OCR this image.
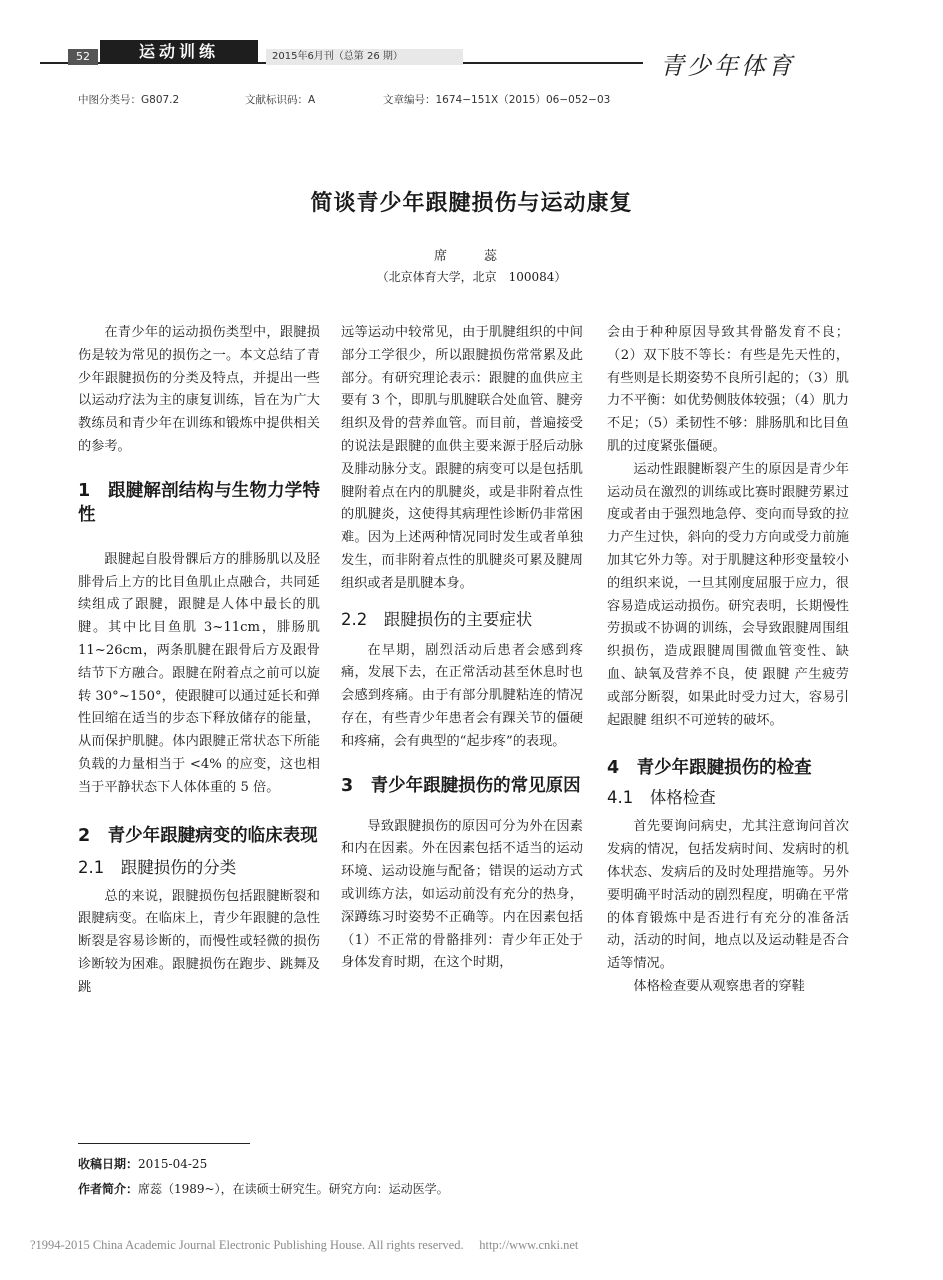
52	运动训练	2015年6月刊（总第 26 期）	青少年体育
中图分类号：G807.2	文献标识码：A	文章编号：1674−151X（2015）06−052−03
简谈青少年跟腱损伤与运动康复
席　蕊
（北京体育大学，北京　100084）

在青少年的运动损伤类型中，跟腱损伤是较为常见的损伤之一。本文总结了青少年跟腱损伤的分类及特点，并提出一些以运动疗法为主的康复训练，旨在为广大教练员和青少年在训练和锻炼中提供相关的参考。

1　跟腱解剖结构与生物力学特性

跟腱起自股骨髁后方的腓肠肌以及胫腓骨后上方的比目鱼肌止点融合，共同延续组成了跟腱，跟腱是人体中最长的肌腱。其中比目鱼肌 3~11cm，腓肠肌 11~26cm，两条肌腱在跟骨后方及跟骨结节下方融合。跟腱在附着点之前可以旋转 30°~150°，使跟腱可以通过延长和弹性回缩在适当的步态下释放储存的能量，从而保护肌腱。体内跟腱正常状态下所能负载的力量相当于 <4% 的应变，这也相当于平静状态下人体体重的 5 倍。

2　青少年跟腱病变的临床表现
2.1　跟腱损伤的分类

总的来说，跟腱损伤包括跟腱断裂和跟腱病变。在临床上，青少年跟腱的急性断裂是容易诊断的，而慢性或轻微的损伤诊断较为困难。跟腱损伤在跑步、跳舞及跳

远等运动中较常见，由于肌腱组织的中间部分工学很少，所以跟腱损伤常常累及此部分。有研究理论表示：跟腱的血供应主要有 3 个，即肌与肌腱联合处血管、腱旁组织及骨的营养血管。而目前，普遍接受的说法是跟腱的血供主要来源于胫后动脉及腓动脉分支。跟腱的病变可以是包括肌腱附着点在内的肌腱炎，或是非附着点性的肌腱炎，这使得其病理性诊断仍非常困难。因为上述两种情况同时发生或者单独发生，而非附着点性的肌腱炎可累及腱周组织或者是肌腱本身。

2.2　跟腱损伤的主要症状

在早期，剧烈活动后患者会感到疼痛，发展下去，在正常活动甚至休息时也会感到疼痛。由于有部分肌腱粘连的情况存在，有些青少年患者会有踝关节的僵硬和疼痛，会有典型的“起步疼”的表现。

3　青少年跟腱损伤的常见原因

导致跟腱损伤的原因可分为外在因素和内在因素。外在因素包括不适当的运动环境、运动设施与配备；错误的运动方式或训练方法，如运动前没有充分的热身，深蹲练习时姿势不正确等。内在因素包括（1）不正常的骨骼排列：青少年正处于身体发育时期，在这个时期，

会由于种种原因导致其骨骼发育不良；（2）双下肢不等长：有些是先天性的，有些则是长期姿势不良所引起的；（3）肌力不平衡：如优势侧肢体较强；（4）肌力不足；（5）柔韧性不够：腓肠肌和比目鱼肌的过度紧张僵硬。

运动性跟腱断裂产生的原因是青少年运动员在激烈的训练或比赛时跟腱劳累过度或者由于强烈地急停、变向而导致的拉力产生过快，斜向的受力方向或受力前施加其它外力等。对于肌腱这种形变量较小的组织来说，一旦其刚度屈服于应力，很容易造成运动损伤。研究表明，长期慢性劳损或不协调的训练，会导致跟腱周围组织损伤，造成跟腱周围微血管变性、缺血、缺氧及营养不良，使 跟腱 产生疲劳或部分断裂，如果此时受力过大，容易引起跟腱 组织不可逆转的破坏。

4　青少年跟腱损伤的检查
4.1　体格检查

首先要询问病史，尤其注意询问首次发病的情况，包括发病时间、发病时的机体状态、发病后的及时处理措施等。另外要明确平时活动的剧烈程度，明确在平常的体育锻炼中是否进行有充分的准备活动，活动的时间，地点以及运动鞋是否合适等情况。

体格检查要从观察患者的穿鞋

收稿日期：2015-04-25
作者简介：席蕊（1989~），在读硕士研究生。研究方向：运动医学。
?1994-2015 China Academic Journal Electronic Publishing House. All rights reserved.　 http://www.cnki.net
